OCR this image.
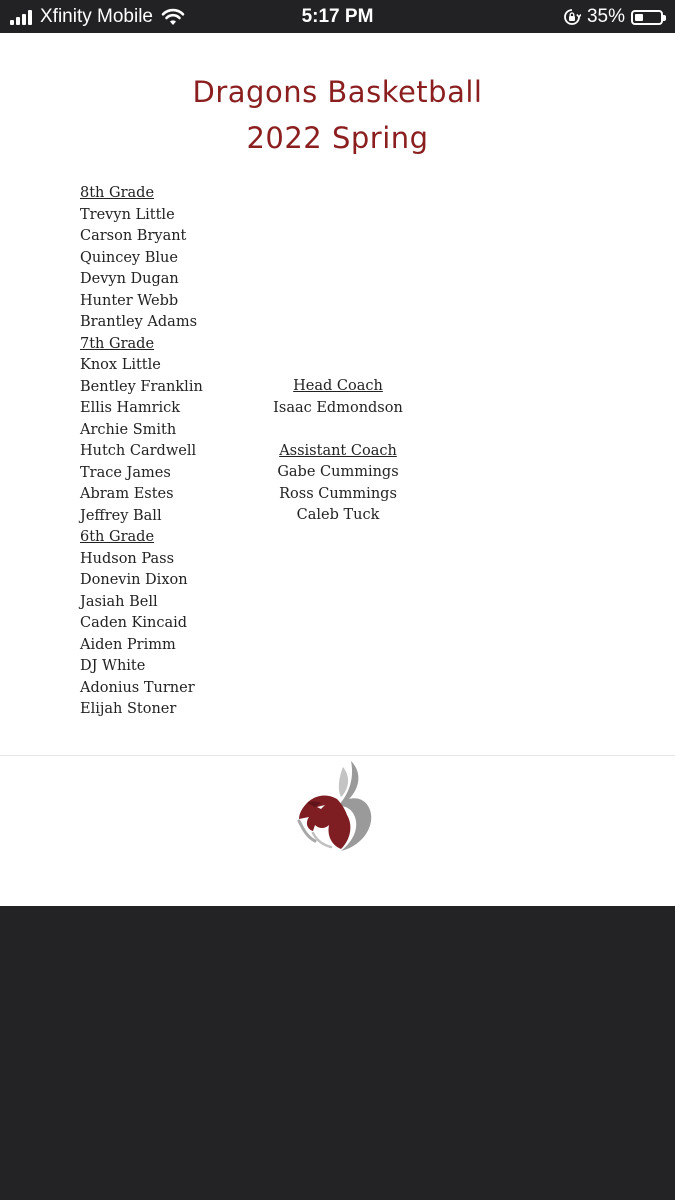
Xfinity Mobile	5:17 PM	35%
Dragons Basketball
2022 Spring
8th Grade
Trevyn Little
Carson Bryant
Quincey Blue
Devyn Dugan
Hunter Webb
Brantley Adams
7th Grade
Knox Little
Bentley Franklin
Ellis Hamrick
Archie Smith
Hutch Cardwell
Trace James
Abram Estes
Jeffrey Ball
6th Grade
Hudson Pass
Donevin Dixon
Jasiah Bell
Caden Kincaid
Aiden Primm
DJ White
Adonius Turner
Elijah Stoner
Head Coach
Isaac Edmondson
Assistant Coach
Gabe Cummings
Ross Cummings
Caleb Tuck
